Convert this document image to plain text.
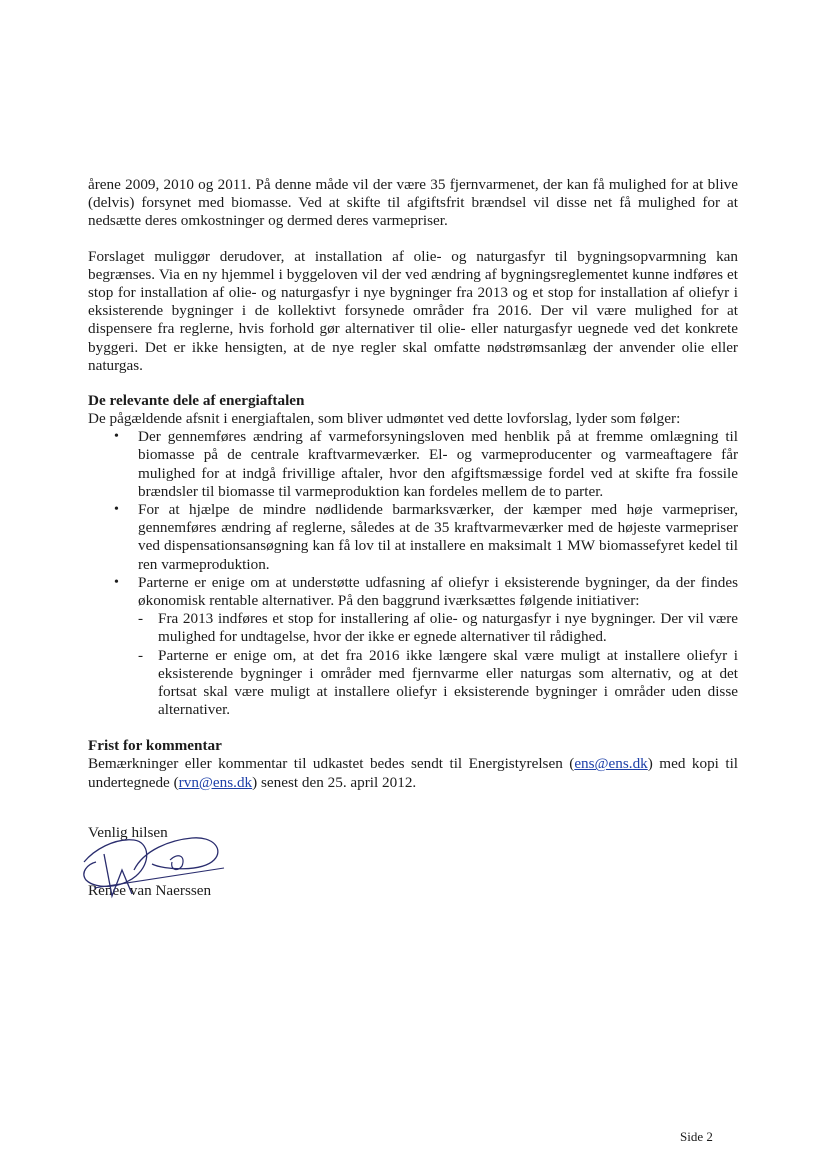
årene 2009, 2010 og 2011. På denne måde vil der være 35 fjernvarmenet, der kan få mulighed for at blive (delvis) forsynet med biomasse. Ved at skifte til afgiftsfrit brændsel vil disse net få mulighed for at nedsætte deres omkostninger og dermed deres varmepriser.

Forslaget muliggør derudover, at installation af olie- og naturgasfyr til bygningsopvarmning kan begrænses. Via en ny hjemmel i byggeloven vil der ved ændring af bygningsreglementet kunne indføres et stop for installation af olie- og naturgasfyr i nye bygninger fra 2013 og et stop for installation af oliefyr i eksisterende bygninger i de kollektivt forsynede områder fra 2016. Der vil være mulighed for at dispensere fra reglerne, hvis forhold gør alternativer til olie- eller naturgasfyr uegnede ved det konkrete byggeri. Det er ikke hensigten, at de nye regler skal omfatte nødstrømsanlæg der anvender olie eller naturgas.

De relevante dele af energiaftalen

De pågældende afsnit i energiaftalen, som bliver udmøntet ved dette lovforslag, lyder som følger:

• Der gennemføres ændring af varmeforsyningsloven med henblik på at fremme omlægning til biomasse på de centrale kraftvarmeværker. El- og varmeproducenter og varmeaftagere får mulighed for at indgå frivillige aftaler, hvor den afgiftsmæssige fordel ved at skifte fra fossile brændsler til biomasse til varmeproduktion kan fordeles mellem de to parter.
• For at hjælpe de mindre nødlidende barmarksværker, der kæmper med høje varmepriser, gennemføres ændring af reglerne, således at de 35 kraftvarmeværker med de højeste varmepriser ved dispensationsansøgning kan få lov til at installere en maksimalt 1 MW biomassefyret kedel til ren varmeproduktion.
• Parterne er enige om at understøtte udfasning af oliefyr i eksisterende bygninger, da der findes økonomisk rentable alternativer. På den baggrund iværksættes følgende initiativer:
- Fra 2013 indføres et stop for installering af olie- og naturgasfyr i nye bygninger. Der vil være mulighed for undtagelse, hvor der ikke er egnede alternativer til rådighed.
- Parterne er enige om, at det fra 2016 ikke længere skal være muligt at installere oliefyr i eksisterende bygninger i områder med fjernvarme eller naturgas som alternativ, og at det fortsat skal være muligt at installere oliefyr i eksisterende bygninger i områder uden disse alternativer.
Frist for kommentar

Bemærkninger eller kommentar til udkastet bedes sendt til Energistyrelsen (ens@ens.dk) med kopi til undertegnede (rvn@ens.dk) senest den 25. april 2012.

Venlig hilsen
Renée van Naerssen
Side 2
